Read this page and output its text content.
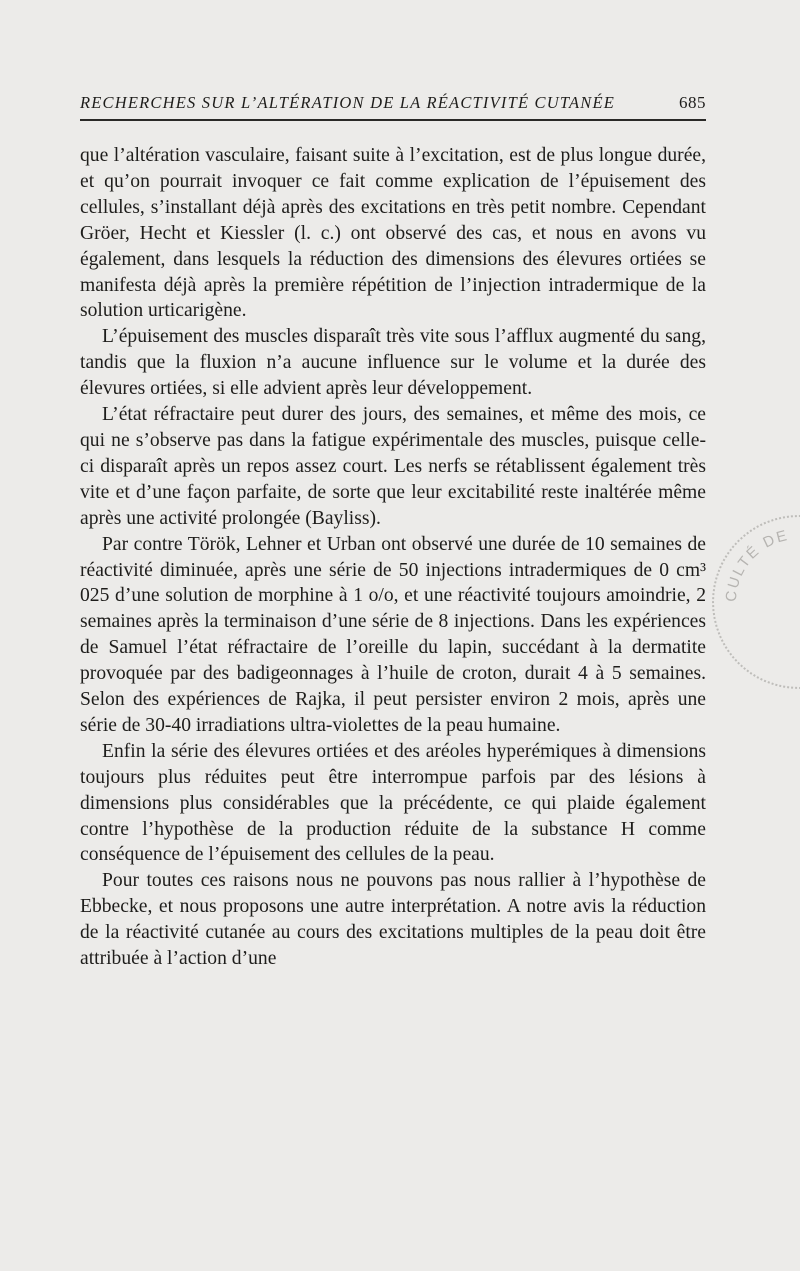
RECHERCHES SUR L’ALTÉRATION DE LA RÉACTIVITÉ CUTANÉE	685

que l’altération vasculaire, faisant suite à l’excitation, est de plus longue durée, et qu’on pourrait invoquer ce fait comme explication de l’épuisement des cellules, s’installant déjà après des excitations en très petit nombre. Cependant Gröer, Hecht et Kiessler (l. c.) ont observé des cas, et nous en avons vu également, dans lesquels la réduction des dimensions des élevures ortiées se manifesta déjà après la première répétition de l’injection intradermique de la solution urticarigène.

L’épuisement des muscles disparaît très vite sous l’afflux augmenté du sang, tandis que la fluxion n’a aucune influence sur le volume et la durée des élevures ortiées, si elle advient après leur développement.

L’état réfractaire peut durer des jours, des semaines, et même des mois, ce qui ne s’observe pas dans la fatigue expérimentale des muscles, puisque celle-ci disparaît après un repos assez court. Les nerfs se rétablissent également très vite et d’une façon parfaite, de sorte que leur excitabilité reste inaltérée même après une activité prolongée (Bayliss).

Par contre Török, Lehner et Urban ont observé une durée de 10 semaines de réactivité diminuée, après une série de 50 injections intradermiques de 0 cm³ 025 d’une solution de morphine à 1 o/o, et une réactivité toujours amoindrie, 2 semaines après la terminaison d’une série de 8 injections. Dans les expériences de Samuel l’état réfractaire de l’oreille du lapin, succédant à la dermatite provoquée par des badigeonnages à l’huile de croton, durait 4 à 5 semaines. Selon des expériences de Rajka, il peut persister environ 2 mois, après une série de 30-40 irradiations ultra-violettes de la peau humaine.

Enfin la série des élevures ortiées et des aréoles hyperémiques à dimensions toujours plus réduites peut être interrompue parfois par des lésions à dimensions plus considérables que la précédente, ce qui plaide également contre l’hypothèse de la production réduite de la substance H comme conséquence de l’épuisement des cellules de la peau.

Pour toutes ces raisons nous ne pouvons pas nous rallier à l’hypothèse de Ebbecke, et nous proposons une autre interprétation. A notre avis la réduction de la réactivité cutanée au cours des excitations multiples de la peau doit être attribuée à l’action d’une

CULTÉ DE
